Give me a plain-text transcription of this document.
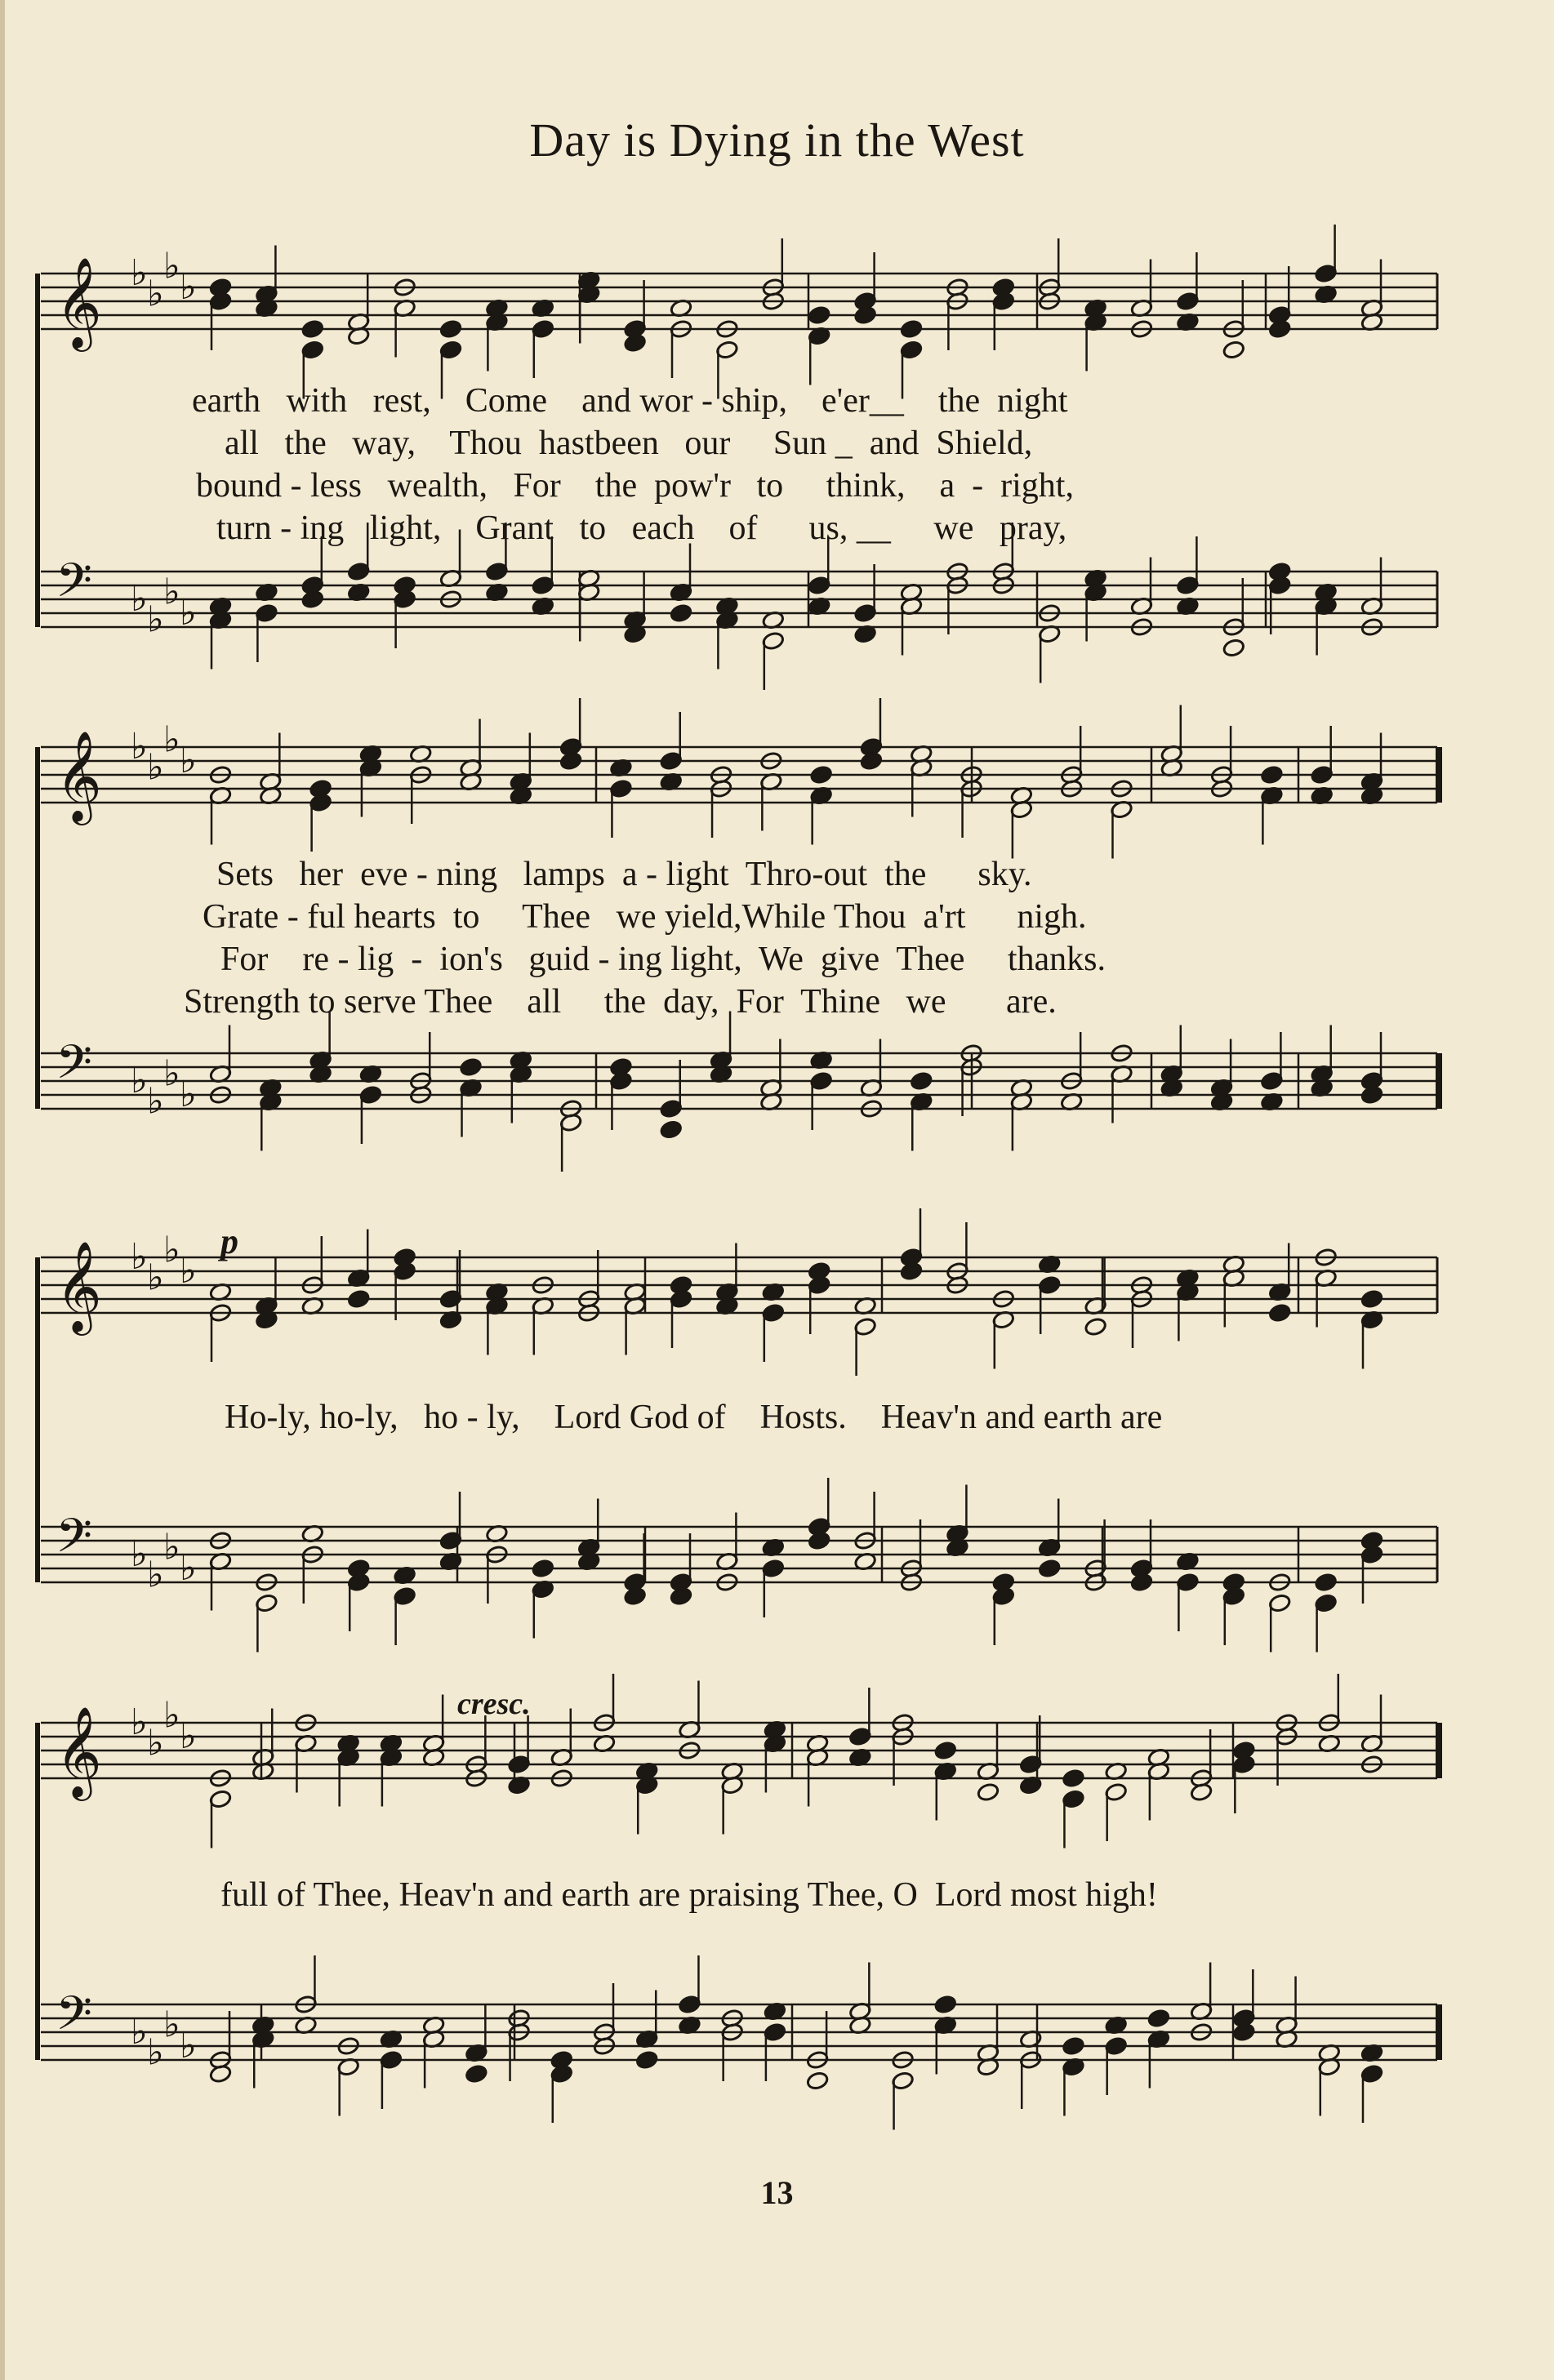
Day is Dying in the West
𝄞 ♭ ♭
♭ ♭
𝄢 ♭ ♭
♭ ♭
earth   with   rest,    Come    and wor - ship,    e'er__    the  night
all   the   way,    Thou  hastbeen   our     Sun _  and  Shield,
bound - less   wealth,   For    the  pow'r   to     think,    a  -  right,
turn - ing   light,    Grant   to   each    of      us, __     we   pray,
𝄞 ♭ ♭
♭ ♭
𝄢 ♭ ♭
♭ ♭
Sets   her  eve - ning   lamps  a - light  Thro-out  the      sky.
Grate - ful hearts  to     Thee   we yield,While Thou  a'rt      nigh.
For    re - lig  -  ion's   guid - ing light,  We  give  Thee     thanks.
Strength to serve Thee    all     the  day,  For  Thine   we       are.
𝄞 ♭ ♭
♭ ♭
𝄢 ♭ ♭
♭ ♭
p
Ho-ly, ho-ly,   ho - ly,    Lord God of    Hosts.    Heav'n and earth are
𝄞 ♭ ♭
♭ ♭
𝄢 ♭ ♭
♭ ♭
cresc.
full of Thee, Heav'n and earth are praising Thee, O  Lord most high!
13
